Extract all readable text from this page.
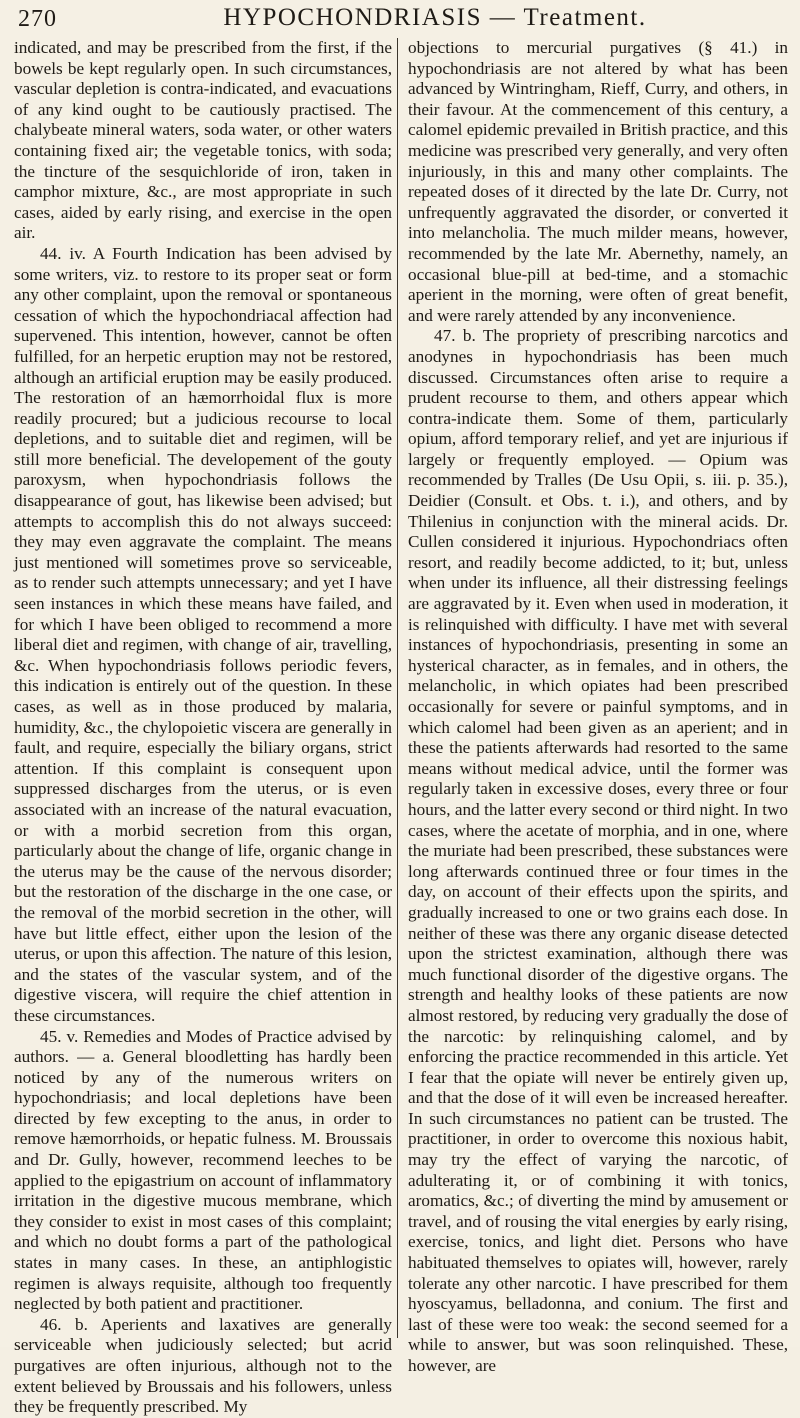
270	HYPOCHONDRIASIS — Treatment.

indicated, and may be prescribed from the first, if the bowels be kept regularly open. In such circumstances, vascular depletion is contra-indicated, and evacuations of any kind ought to be cautiously practised. The chalybeate mineral waters, soda water, or other waters containing fixed air; the vegetable tonics, with soda; the tincture of the sesquichloride of iron, taken in camphor mixture, &c., are most appropriate in such cases, aided by early rising, and exercise in the open air.

44. iv. A Fourth Indication has been advised by some writers, viz. to restore to its proper seat or form any other complaint, upon the removal or spontaneous cessation of which the hypochondriacal affection had supervened. This intention, however, cannot be often fulfilled, for an herpetic eruption may not be restored, although an artificial eruption may be easily produced. The restoration of an hæmorrhoidal flux is more readily procured; but a judicious recourse to local depletions, and to suitable diet and regimen, will be still more beneficial. The developement of the gouty paroxysm, when hypochondriasis follows the disappearance of gout, has likewise been advised; but attempts to accomplish this do not always succeed: they may even aggravate the complaint. The means just mentioned will sometimes prove so serviceable, as to render such attempts unnecessary; and yet I have seen instances in which these means have failed, and for which I have been obliged to recommend a more liberal diet and regimen, with change of air, travelling, &c. When hypochondriasis follows periodic fevers, this indication is entirely out of the question. In these cases, as well as in those produced by malaria, humidity, &c., the chylopoietic viscera are generally in fault, and require, especially the biliary organs, strict attention. If this complaint is consequent upon suppressed discharges from the uterus, or is even associated with an increase of the natural evacuation, or with a morbid secretion from this organ, particularly about the change of life, organic change in the uterus may be the cause of the nervous disorder; but the restoration of the discharge in the one case, or the removal of the morbid secretion in the other, will have but little effect, either upon the lesion of the uterus, or upon this affection. The nature of this lesion, and the states of the vascular system, and of the digestive viscera, will require the chief attention in these circumstances.

45. v. Remedies and Modes of Practice advised by authors. — a. General bloodletting has hardly been noticed by any of the numerous writers on hypochondriasis; and local depletions have been directed by few excepting to the anus, in order to remove hæmorrhoids, or hepatic fulness. M. Broussais and Dr. Gully, however, recommend leeches to be applied to the epigastrium on account of inflammatory irritation in the digestive mucous membrane, which they consider to exist in most cases of this complaint; and which no doubt forms a part of the pathological states in many cases. In these, an antiphlogistic regimen is always requisite, although too frequently neglected by both patient and practitioner.

46. b. Aperients and laxatives are generally serviceable when judiciously selected; but acrid purgatives are often injurious, although not to the extent believed by Broussais and his followers, unless they be frequently prescribed. My

objections to mercurial purgatives (§ 41.) in hypochondriasis are not altered by what has been advanced by Wintringham, Rieff, Curry, and others, in their favour. At the commencement of this century, a calomel epidemic prevailed in British practice, and this medicine was prescribed very generally, and very often injuriously, in this and many other complaints. The repeated doses of it directed by the late Dr. Curry, not unfrequently aggravated the disorder, or converted it into melancholia. The much milder means, however, recommended by the late Mr. Abernethy, namely, an occasional blue-pill at bed-time, and a stomachic aperient in the morning, were often of great benefit, and were rarely attended by any inconvenience.

47. b. The propriety of prescribing narcotics and anodynes in hypochondriasis has been much discussed. Circumstances often arise to require a prudent recourse to them, and others appear which contra-indicate them. Some of them, particularly opium, afford temporary relief, and yet are injurious if largely or frequently employed. — Opium was recommended by Tralles (De Usu Opii, s. iii. p. 35.), Deidier (Consult. et Obs. t. i.), and others, and by Thilenius in conjunction with the mineral acids. Dr. Cullen considered it injurious. Hypochondriacs often resort, and readily become addicted, to it; but, unless when under its influence, all their distressing feelings are aggravated by it. Even when used in moderation, it is relinquished with difficulty. I have met with several instances of hypochondriasis, presenting in some an hysterical character, as in females, and in others, the melancholic, in which opiates had been prescribed occasionally for severe or painful symptoms, and in which calomel had been given as an aperient; and in these the patients afterwards had resorted to the same means without medical advice, until the former was regularly taken in excessive doses, every three or four hours, and the latter every second or third night. In two cases, where the acetate of morphia, and in one, where the muriate had been prescribed, these substances were long afterwards continued three or four times in the day, on account of their effects upon the spirits, and gradually increased to one or two grains each dose. In neither of these was there any organic disease detected upon the strictest examination, although there was much functional disorder of the digestive organs. The strength and healthy looks of these patients are now almost restored, by reducing very gradually the dose of the narcotic: by relinquishing calomel, and by enforcing the practice recommended in this article. Yet I fear that the opiate will never be entirely given up, and that the dose of it will even be increased hereafter. In such circumstances no patient can be trusted. The practitioner, in order to overcome this noxious habit, may try the effect of varying the narcotic, of adulterating it, or of combining it with tonics, aromatics, &c.; of diverting the mind by amusement or travel, and of rousing the vital energies by early rising, exercise, tonics, and light diet. Persons who have habituated themselves to opiates will, however, rarely tolerate any other narcotic. I have prescribed for them hyoscyamus, belladonna, and conium. The first and last of these were too weak: the second seemed for a while to answer, but was soon relinquished. These, however, are
